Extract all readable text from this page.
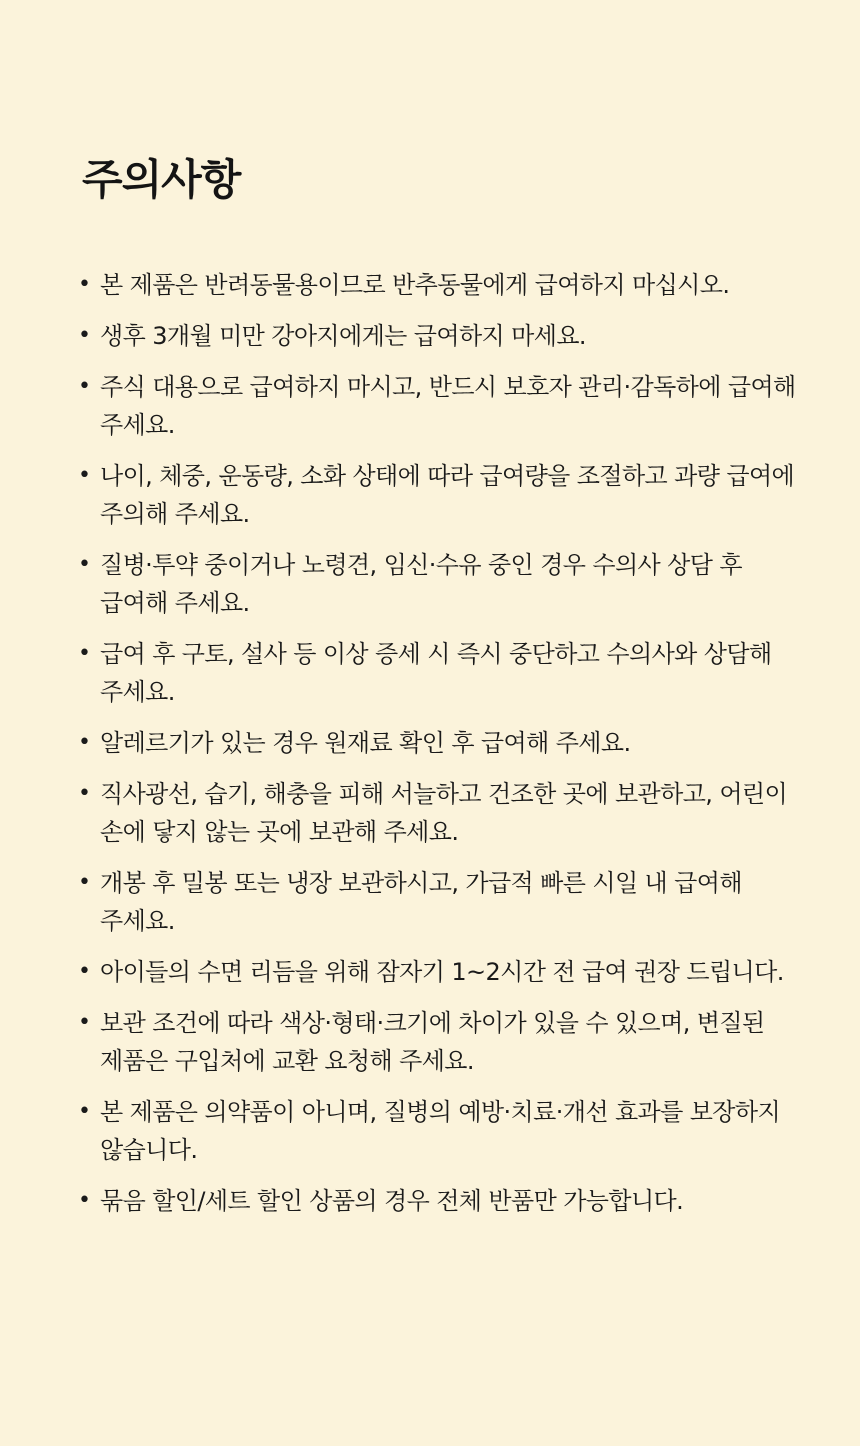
주의사항
• 본 제품은 반려동물용이므로 반추동물에게 급여하지 마십시오.
• 생후 3개월 미만 강아지에게는 급여하지 마세요.
• 주식 대용으로 급여하지 마시고, 반드시 보호자 관리·감독하에 급여해 주세요.
• 나이, 체중, 운동량, 소화 상태에 따라 급여량을 조절하고 과량 급여에 주의해 주세요.
• 질병·투약 중이거나 노령견, 임신·수유 중인 경우 수의사 상담 후 급여해 주세요.
• 급여 후 구토, 설사 등 이상 증세 시 즉시 중단하고 수의사와 상담해 주세요.
• 알레르기가 있는 경우 원재료 확인 후 급여해 주세요.
• 직사광선, 습기, 해충을 피해 서늘하고 건조한 곳에 보관하고, 어린이 손에 닿지 않는 곳에 보관해 주세요.
• 개봉 후 밀봉 또는 냉장 보관하시고, 가급적 빠른 시일 내 급여해 주세요.
• 아이들의 수면 리듬을 위해 잠자기 1~2시간 전 급여 권장 드립니다.
• 보관 조건에 따라 색상·형태·크기에 차이가 있을 수 있으며, 변질된 제품은 구입처에 교환 요청해 주세요.
• 본 제품은 의약품이 아니며, 질병의 예방·치료·개선 효과를 보장하지 않습니다.
• 묶음 할인/세트 할인 상품의 경우 전체 반품만 가능합니다.
